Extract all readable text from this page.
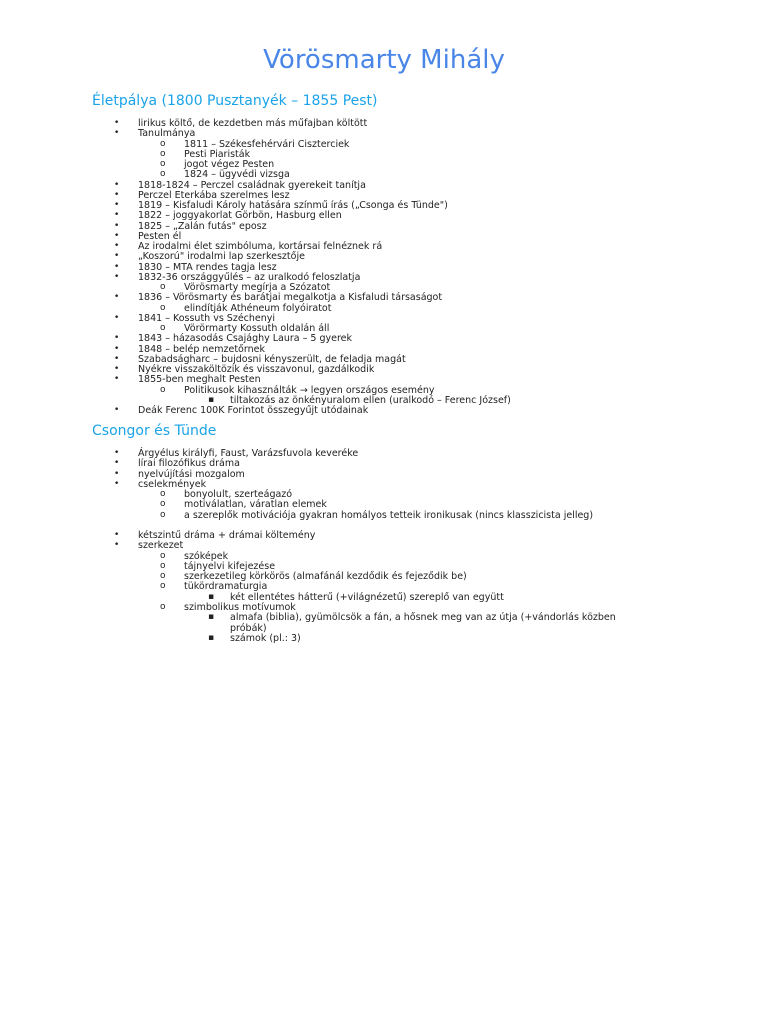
Vörösmarty Mihály
Életpálya (1800 Pusztanyék – 1855 Pest)
• lirikus költő, de kezdetben más műfajban költött
• Tanulmánya
o 1811 – Székesfehérvári Ciszterciek
o Pesti Piaristák
o jogot végez Pesten
o 1824 – ügyvédi vizsga
• 1818-1824 – Perczel családnak gyerekeit tanítja
• Perczel Eterkába szerelmes lesz
• 1819 – Kisfaludi Károly hatására színmű írás („Csonga és Tünde")
• 1822 – joggyakorlat Görbön, Hasburg ellen
• 1825 – „Zalán futás" eposz
• Pesten él
• Az irodalmi élet szimbóluma, kortársai felnéznek rá
• „Koszorú" irodalmi lap szerkesztője
• 1830 – MTA rendes tagja lesz
• 1832-36 országgyűlés – az uralkodó feloszlatja
o Vörösmarty megírja a Szózatot
• 1836 – Vörösmarty és barátjai megalkotja a Kisfaludi társaságot
o elindítják Athéneum folyóiratot
• 1841 – Kossuth vs Széchenyi
o Vörörmarty Kossuth oldalán áll
• 1843 – házasodás Csajághy Laura – 5 gyerek
• 1848 – belép nemzetőrnek
• Szabadságharc – bujdosni kényszerült, de feladja magát
• Nyékre visszaköltözik és visszavonul, gazdálkodik
• 1855-ben meghalt Pesten
o Politikusok kihasználták → legyen országos esemény
▪ tiltakozás az önkényuralom ellen (uralkodó – Ferenc József)
• Deák Ferenc 100K Forintot összegyűjt utódainak
Csongor és Tünde
• Árgyélus királyfi, Faust, Varázsfuvola keveréke
• lírai filozófikus dráma
• nyelvújítási mozgalom
• cselekmények
o bonyolult, szerteágazó
o motiválatlan, váratlan elemek
o a szereplők motivációja gyakran homályos tetteik ironikusak (nincs klasszicista jelleg)
• kétszintű dráma + drámai költemény
• szerkezet
o szóképek
o tájnyelvi kifejezése
o szerkezetileg körkörös (almafánál kezdődik és fejeződik be)
o tükördramaturgia
▪ két ellentétes hátterű (+világnézetű) szereplő van együtt
o szimbolikus motívumok
▪ almafa (biblia), gyümölcsök a fán, a hősnek meg van az útja (+vándorlás közben próbák)
▪ számok (pl.: 3)
